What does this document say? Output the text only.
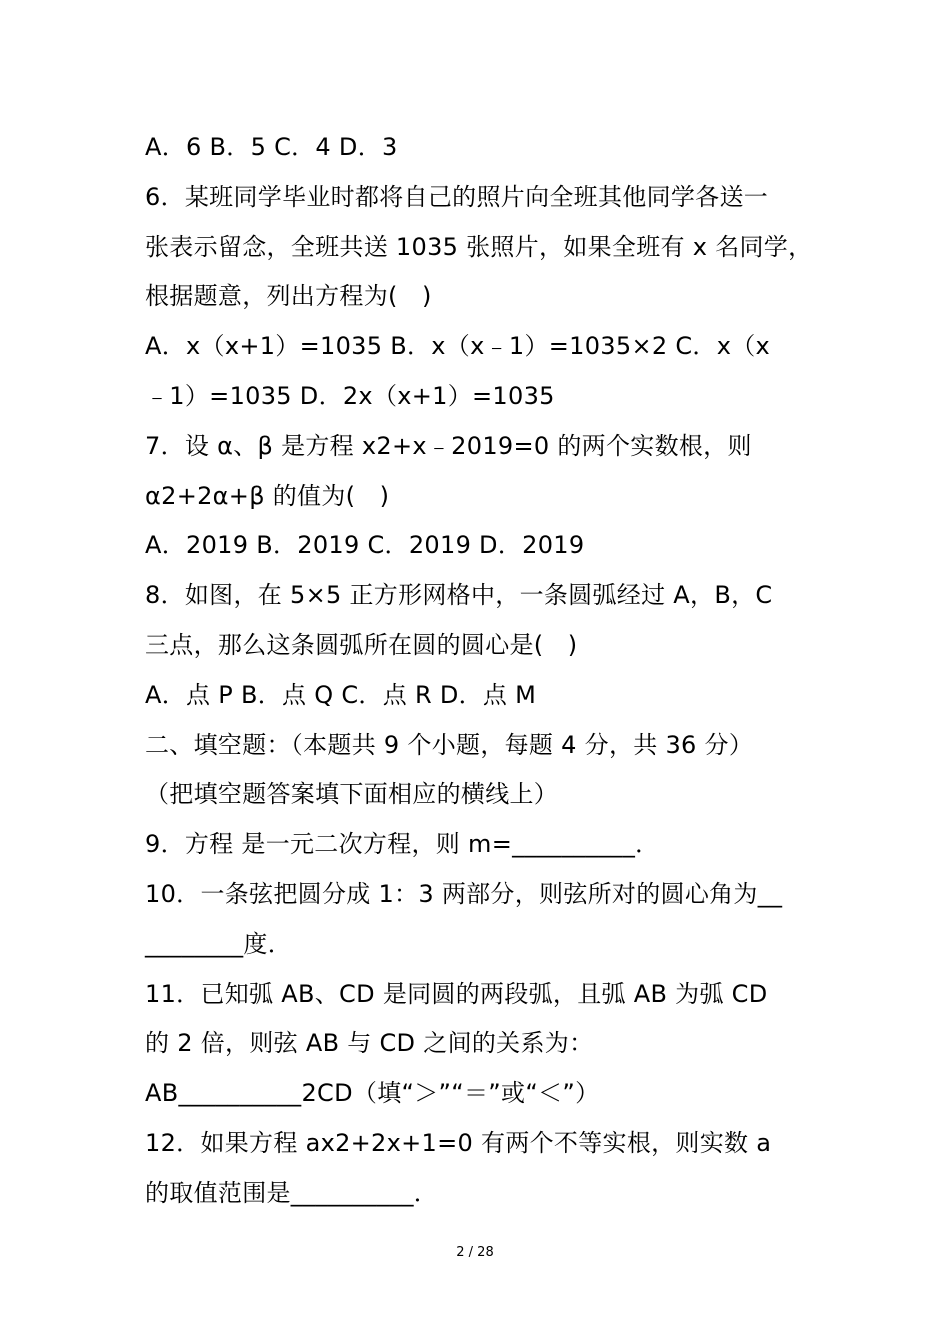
A．6 B．5 C．4 D．3
6．某班同学毕业时都将自己的照片向全班其他同学各送一
张表示留念，全班共送 1035 张照片，如果全班有 x 名同学，
根据题意，列出方程为(　)
A．x（x+1）=1035 B．x（x﹣1）=1035×2 C．x（x
﹣1）=1035 D．2x（x+1）=1035
7．设 α、β 是方程 x2+x﹣2019=0 的两个实数根，则
α2+2α+β 的值为(　)
A．2019 B．2019 C．2019 D．2019
8．如图，在 5×5 正方形网格中，一条圆弧经过 A，B，C
三点，那么这条圆弧所在圆的圆心是(　)
A．点 P B．点 Q C．点 R D．点 M
二、填空题：（本题共 9 个小题，每题 4 分，共 36 分）
（把填空题答案填下面相应的横线上）
9．方程 是一元二次方程，则 m=__________．
10．一条弦把圆分成 1：3 两部分，则弦所对的圆心角为__
________度．
11．已知弧 AB、CD 是同圆的两段弧，且弧 AB 为弧 CD
的 2 倍，则弦 AB 与 CD 之间的关系为：
AB__________2CD（填“＞”“＝”或“＜”）
12．如果方程 ax2+2x+1=0 有两个不等实根，则实数 a
的取值范围是__________．
2 / 28
